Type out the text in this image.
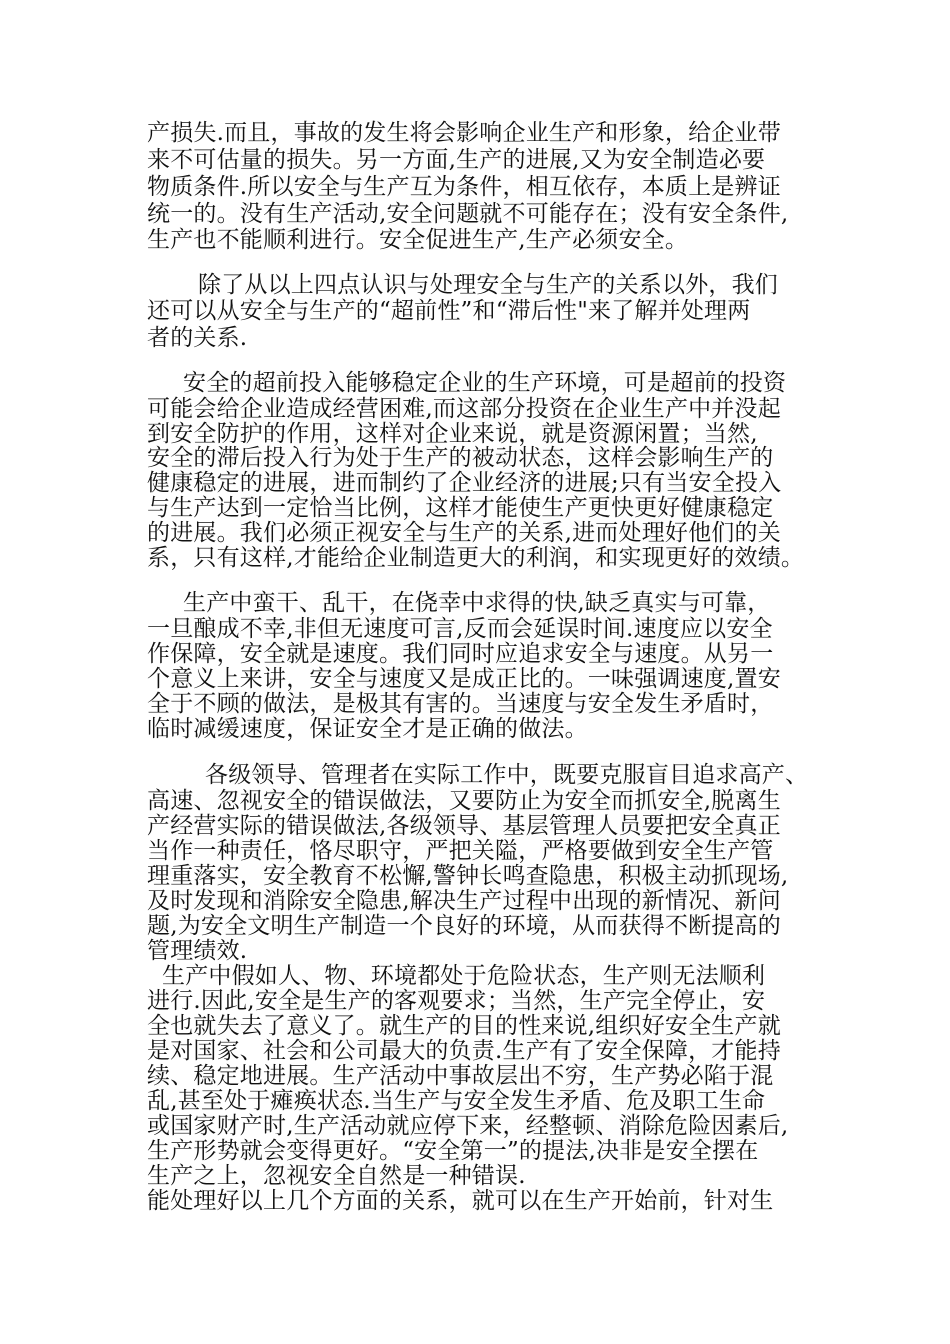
产损失.而且，事故的发生将会影响企业生产和形象，给企业带
来不可估量的损失。另一方面,生产的进展,又为安全制造必要
物质条件.所以安全与生产互为条件，相互依存，本质上是辨证
统一的。没有生产活动,安全问题就不可能存在；没有安全条件,
生产也不能顺利进行。安全促进生产,生产必须安全。
除了从以上四点认识与处理安全与生产的关系以外，我们
还可以从安全与生产的“超前性”和“滞后性"来了解并处理两
者的关系.
安全的超前投入能够稳定企业的生产环境，可是超前的投资
可能会给企业造成经营困难,而这部分投资在企业生产中并没起
到安全防护的作用，这样对企业来说，就是资源闲置；当然,
安全的滞后投入行为处于生产的被动状态，这样会影响生产的
健康稳定的进展，进而制约了企业经济的进展;只有当安全投入
与生产达到一定恰当比例，这样才能使生产更快更好健康稳定
的进展。我们必须正视安全与生产的关系,进而处理好他们的关
系，只有这样,才能给企业制造更大的利润，和实现更好的效绩。
生产中蛮干、乱干，在侥幸中求得的快,缺乏真实与可靠，
一旦酿成不幸,非但无速度可言,反而会延误时间.速度应以安全
作保障，安全就是速度。我们同时应追求安全与速度。从另一
个意义上来讲，安全与速度又是成正比的。一味强调速度,置安
全于不顾的做法，是极其有害的。当速度与安全发生矛盾时，
临时减缓速度，保证安全才是正确的做法。
各级领导、管理者在实际工作中，既要克服盲目追求高产、
高速、忽视安全的错误做法，又要防止为安全而抓安全,脱离生
产经营实际的错误做法,各级领导、基层管理人员要把安全真正
当作一种责任，恪尽职守，严把关隘，严格要做到安全生产管
理重落实，安全教育不松懈,警钟长鸣查隐患，积极主动抓现场,
及时发现和消除安全隐患,解决生产过程中出现的新情况、新问
题,为安全文明生产制造一个良好的环境，从而获得不断提高的
管理绩效.
生产中假如人、物、环境都处于危险状态，生产则无法顺利
进行.因此,安全是生产的客观要求；当然，生产完全停止，安
全也就失去了意义了。就生产的目的性来说,组织好安全生产就
是对国家、社会和公司最大的负责.生产有了安全保障，才能持
续、稳定地进展。生产活动中事故层出不穷，生产势必陷于混
乱,甚至处于瘫痪状态.当生产与安全发生矛盾、危及职工生命
或国家财产时,生产活动就应停下来，经整顿、消除危险因素后,
生产形势就会变得更好。“安全第一”的提法,决非是安全摆在
生产之上，忽视安全自然是一种错误.
能处理好以上几个方面的关系，就可以在生产开始前，针对生
